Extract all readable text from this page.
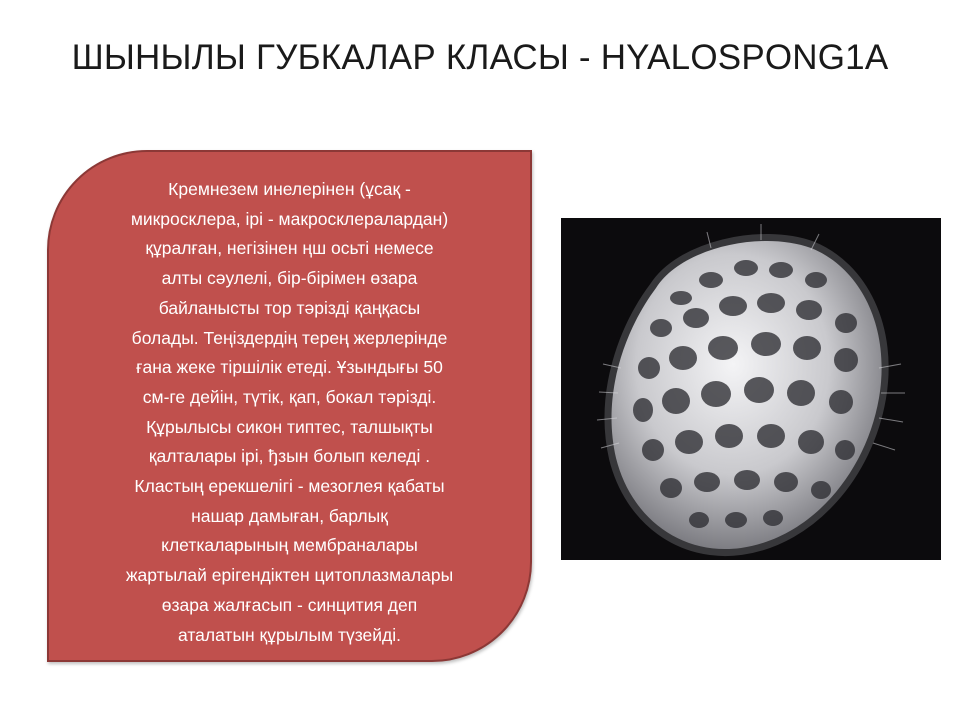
ШЫНЫЛЫ ГУБКАЛАР КЛАСЫ - HYALOSPONG1A
Кремнезем инелерінен (ұсақ -
микросклера, ірі - макросклералардан)
құралған, негізінен ңш осьті немесе
алты сәулелі, бір-бірімен өзара
байланысты тор тәрізді қаңқасы
болады. Теңіздердің терең жерлерінде
ғана жеке тіршілік етеді. Ұзындығы 50
см-ге дейін, түтік, қап, бокал тәрізді.
Құрылысы сикон типтес, талшықты
қалталары ірі, ђзын болып келеді .
Кластың ерекшелігі - мезоглея қабаты
нашар дамыған, барлық
клеткаларының мембраналары
жартылай ерігендіктен цитоплазмалары
өзара жалғасып - синцития деп
аталатын құрылым түзейді.
